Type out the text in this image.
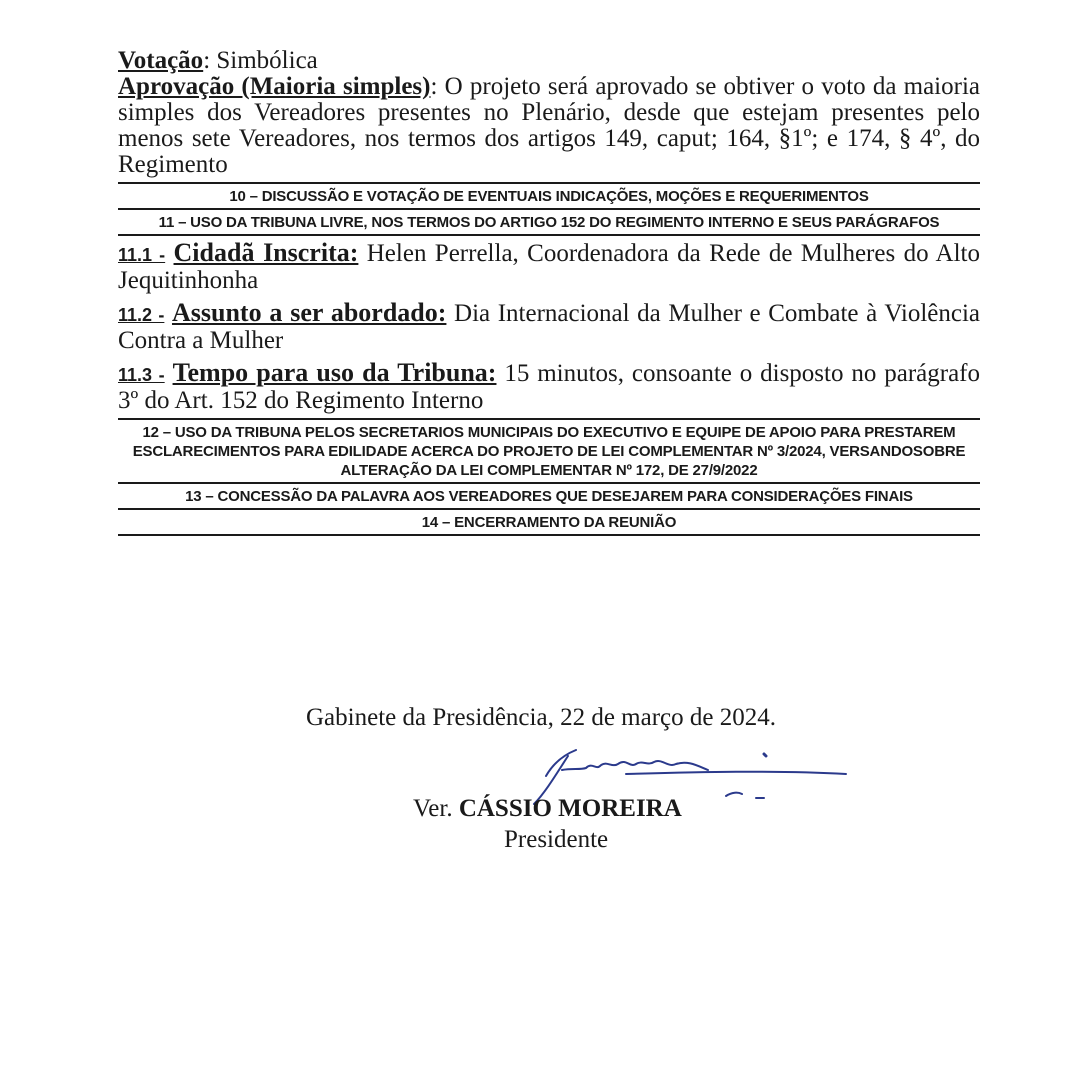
Votação: Simbólica

Aprovação (Maioria simples): O projeto será aprovado se obtiver o voto da maioria simples dos Vereadores presentes no Plenário, desde que estejam presentes pelo menos sete Vereadores, nos termos dos artigos 149, caput; 164, §1º; e 174, § 4º, do Regimento

10 – DISCUSSÃO E VOTAÇÃO DE EVENTUAIS INDICAÇÕES, MOÇÕES E REQUERIMENTOS
11 – USO DA TRIBUNA LIVRE, NOS TERMOS DO ARTIGO 152 DO REGIMENTO INTERNO E SEUS PARÁGRAFOS

11.1 - Cidadã Inscrita: Helen Perrella, Coordenadora da Rede de Mulheres do Alto Jequitinhonha

11.2 - Assunto a ser abordado: Dia Internacional da Mulher e Combate à Violência Contra a Mulher

11.3 - Tempo para uso da Tribuna: 15 minutos, consoante o disposto no parágrafo 3º do Art. 152 do Regimento Interno

12 – USO DA TRIBUNA PELOS SECRETARIOS MUNICIPAIS DO EXECUTIVO E EQUIPE DE APOIO PARA PRESTAREM ESCLARECIMENTOS PARA EDILIDADE ACERCA DO PROJETO DE LEI COMPLEMENTAR Nº 3/2024, VERSANDOSOBRE ALTERAÇÃO DA LEI COMPLEMENTAR Nº 172, DE 27/9/2022
13 – CONCESSÃO DA PALAVRA AOS VEREADORES QUE DESEJAREM PARA CONSIDERAÇÕES FINAIS
14 – ENCERRAMENTO DA REUNIÃO
Gabinete da Presidência, 22 de março de 2024.
Ver. CÁSSIO MOREIRA
Presidente
